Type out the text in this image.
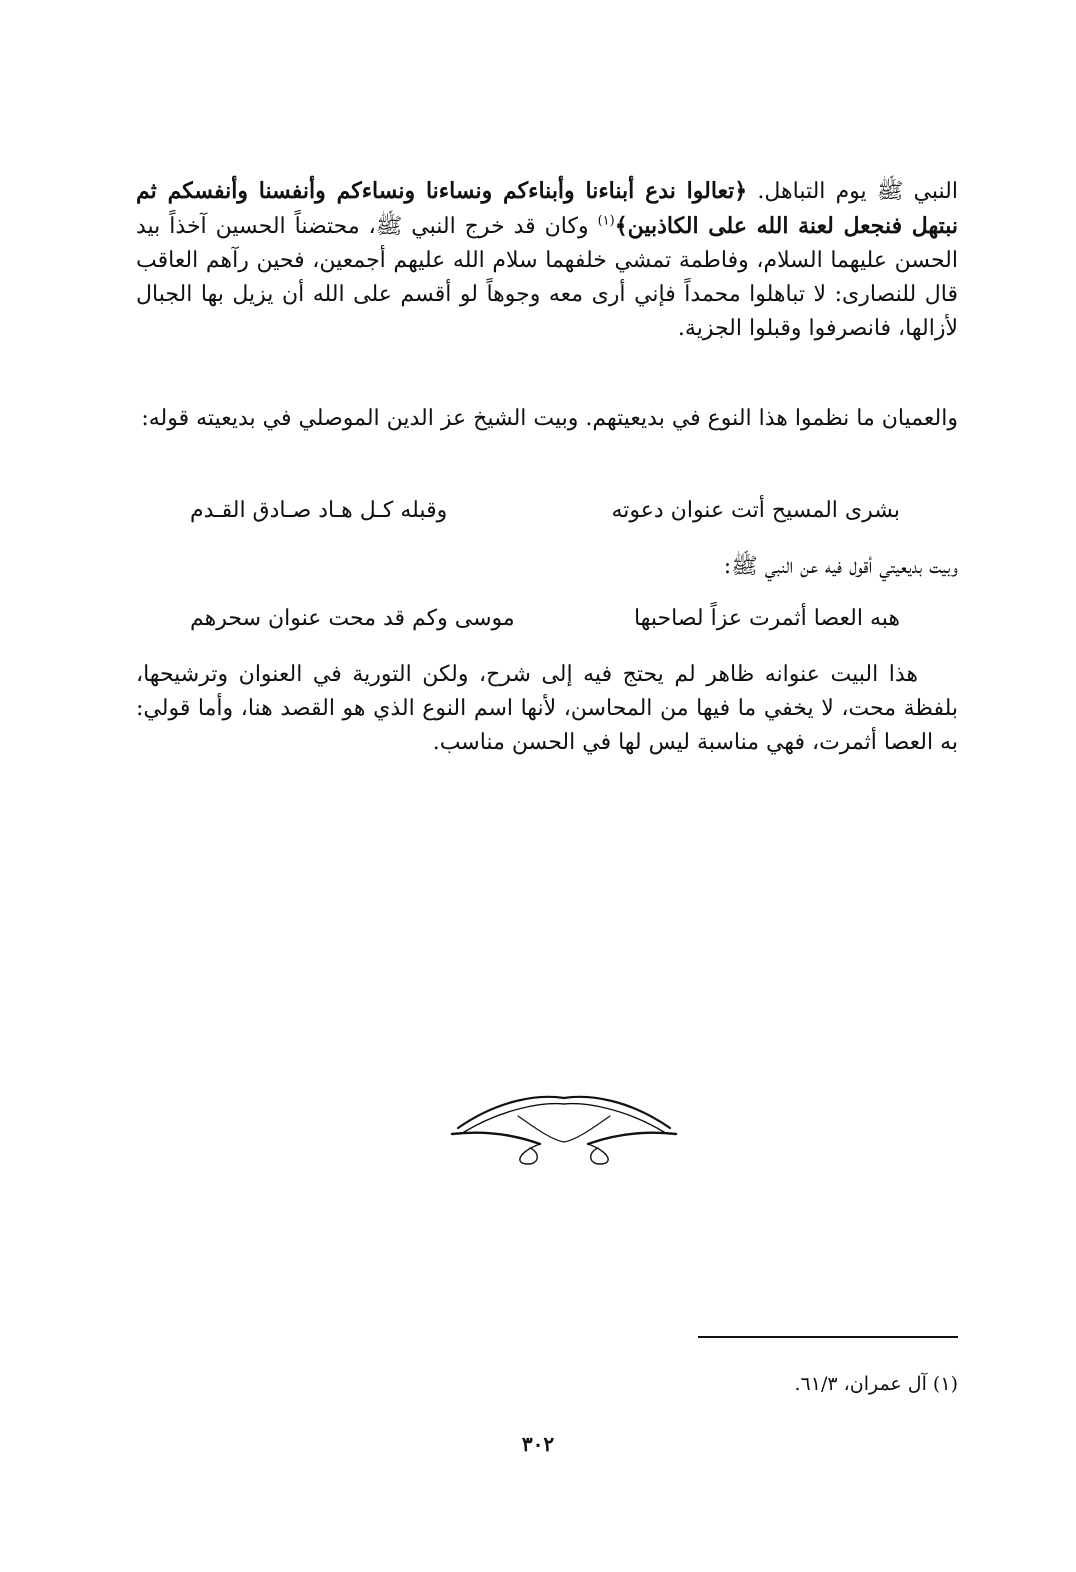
النبي ﷺ يوم التباهل. ﴿تعالوا ندع أبناءنا وأبناءكم ونساءنا ونساءكم وأنفسنا وأنفسكم ثم نبتهل فنجعل لعنة الله على الكاذبين﴾$^{(١)}$ وكان قد خرج النبي ﷺ، محتضناً الحسين آخذاً بيد الحسن عليهما السلام، وفاطمة تمشي خلفهما سلام الله عليهم أجمعين، فحين رآهم العاقب قال للنصارى: لا تباهلوا محمداً فإني أرى معه وجوهاً لو أقسم على الله أن يزيل بها الجبال لأزالها، فانصرفوا وقبلوا الجزية.
والعميان ما نظموا هذا النوع في بديعيتهم. وبيت الشيخ عز الدين الموصلي في بديعيته قوله:
بشرى المسيح أتت عنوان دعوته
وقبله كـل هـاد صـادق القـدم
وبيت بديعيتي أقول فيه عن النبي ﷺ:
هبه العصا أثمرت عزاً لصاحبها
موسى وكم قد محت عنوان سحرهم
هذا البيت عنوانه ظاهر لم يحتج فيه إلى شرح، ولكن التورية في العنوان وترشيحها، بلفظة محت، لا يخفي ما فيها من المحاسن، لأنها اسم النوع الذي هو القصد هنا، وأما قولي: به العصا أثمرت، فهي مناسبة ليس لها في الحسن مناسب.
(١) آل عمران، ٦١/٣.
٣٠٢
